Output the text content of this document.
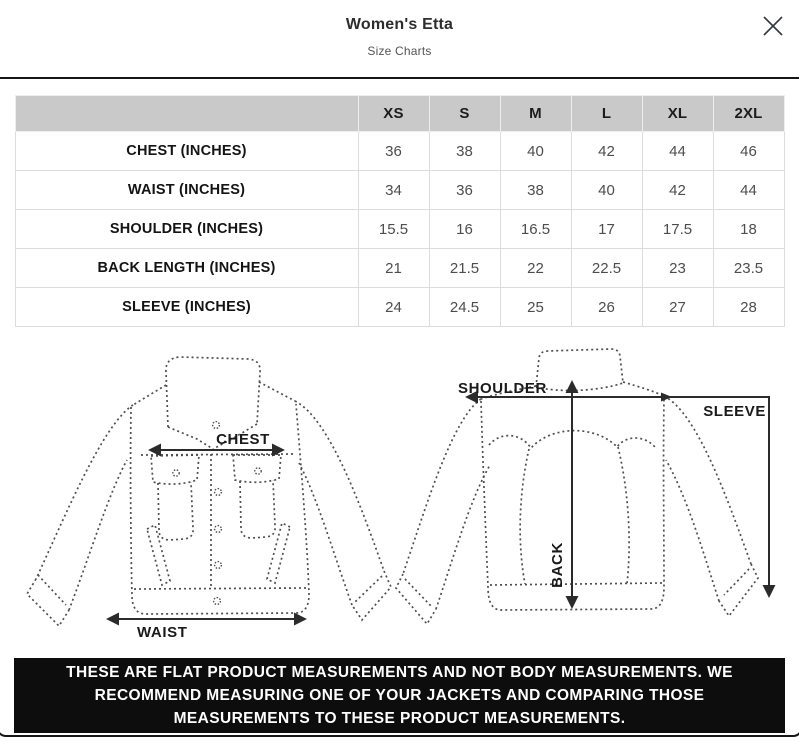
Women's Etta
Size Charts
	XS	S	M	L	XL	2XL
CHEST (INCHES)	36	38	40	42	44	46
WAIST (INCHES)	34	36	38	40	42	44
SHOULDER (INCHES)	15.5	16	16.5	17	17.5	18
BACK LENGTH (INCHES)	21	21.5	22	22.5	23	23.5
SLEEVE (INCHES)	24	24.5	25	26	27	28
CHEST
WAIST
SHOULDER
SLEEVE
BACK
THESE ARE FLAT PRODUCT MEASUREMENTS AND NOT BODY MEASUREMENTS. WE RECOMMEND MEASURING ONE OF YOUR JACKETS AND COMPARING THOSE MEASUREMENTS TO THESE PRODUCT MEASUREMENTS.
